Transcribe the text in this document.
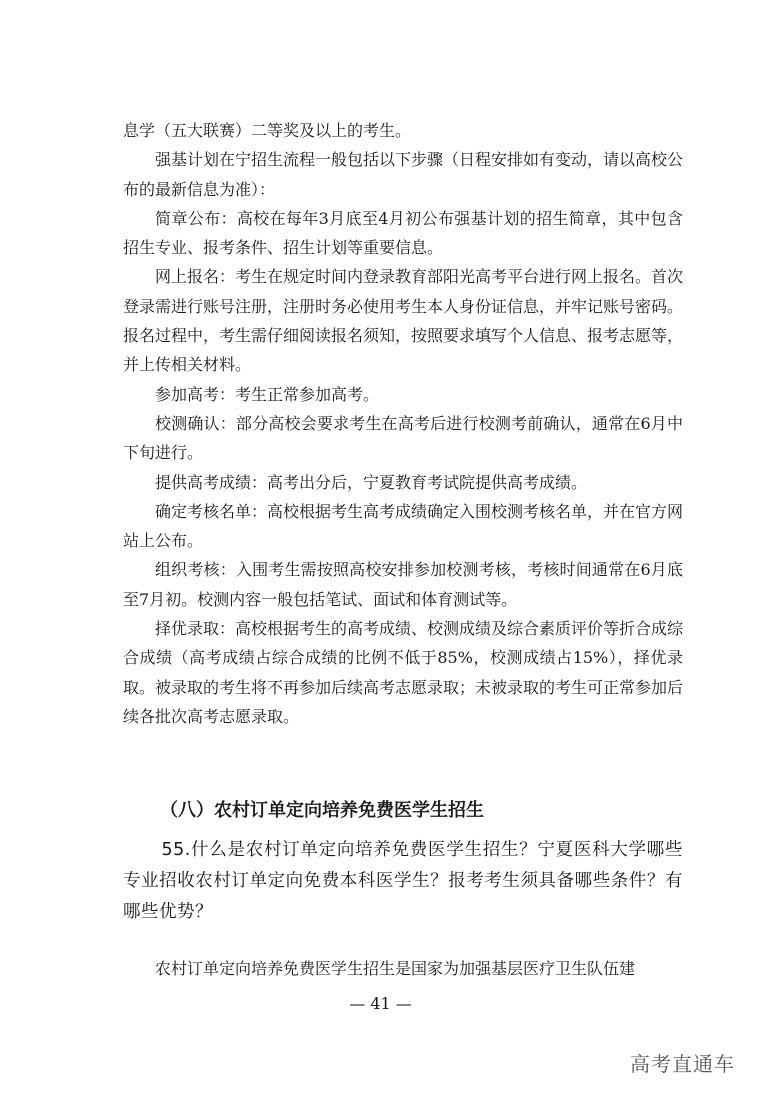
息学（五大联赛）二等奖及以上的考生。

强基计划在宁招生流程一般包括以下步骤（日程安排如有变动，请以高校公布的最新信息为准）：

简章公布：高校在每年3月底至4月初公布强基计划的招生简章，其中包含招生专业、报考条件、招生计划等重要信息。

网上报名：考生在规定时间内登录教育部阳光高考平台进行网上报名。首次登录需进行账号注册，注册时务必使用考生本人身份证信息，并牢记账号密码。报名过程中，考生需仔细阅读报名须知，按照要求填写个人信息、报考志愿等，并上传相关材料。

参加高考：考生正常参加高考。

校测确认：部分高校会要求考生在高考后进行校测考前确认，通常在6月中下旬进行。

提供高考成绩：高考出分后，宁夏教育考试院提供高考成绩。

确定考核名单：高校根据考生高考成绩确定入围校测考核名单，并在官方网站上公布。

组织考核：入围考生需按照高校安排参加校测考核，考核时间通常在6月底至7月初。校测内容一般包括笔试、面试和体育测试等。

择优录取：高校根据考生的高考成绩、校测成绩及综合素质评价等折合成综合成绩（高考成绩占综合成绩的比例不低于85%，校测成绩占15%），择优录取。被录取的考生将不再参加后续高考志愿录取；未被录取的考生可正常参加后续各批次高考志愿录取。

（八）农村订单定向培养免费医学生招生

55.什么是农村订单定向培养免费医学生招生？宁夏医科大学哪些专业招收农村订单定向免费本科医学生？报考考生须具备哪些条件？有哪些优势？

农村订单定向培养免费医学生招生是国家为加强基层医疗卫生队伍建

— 41 —
高考直通车
